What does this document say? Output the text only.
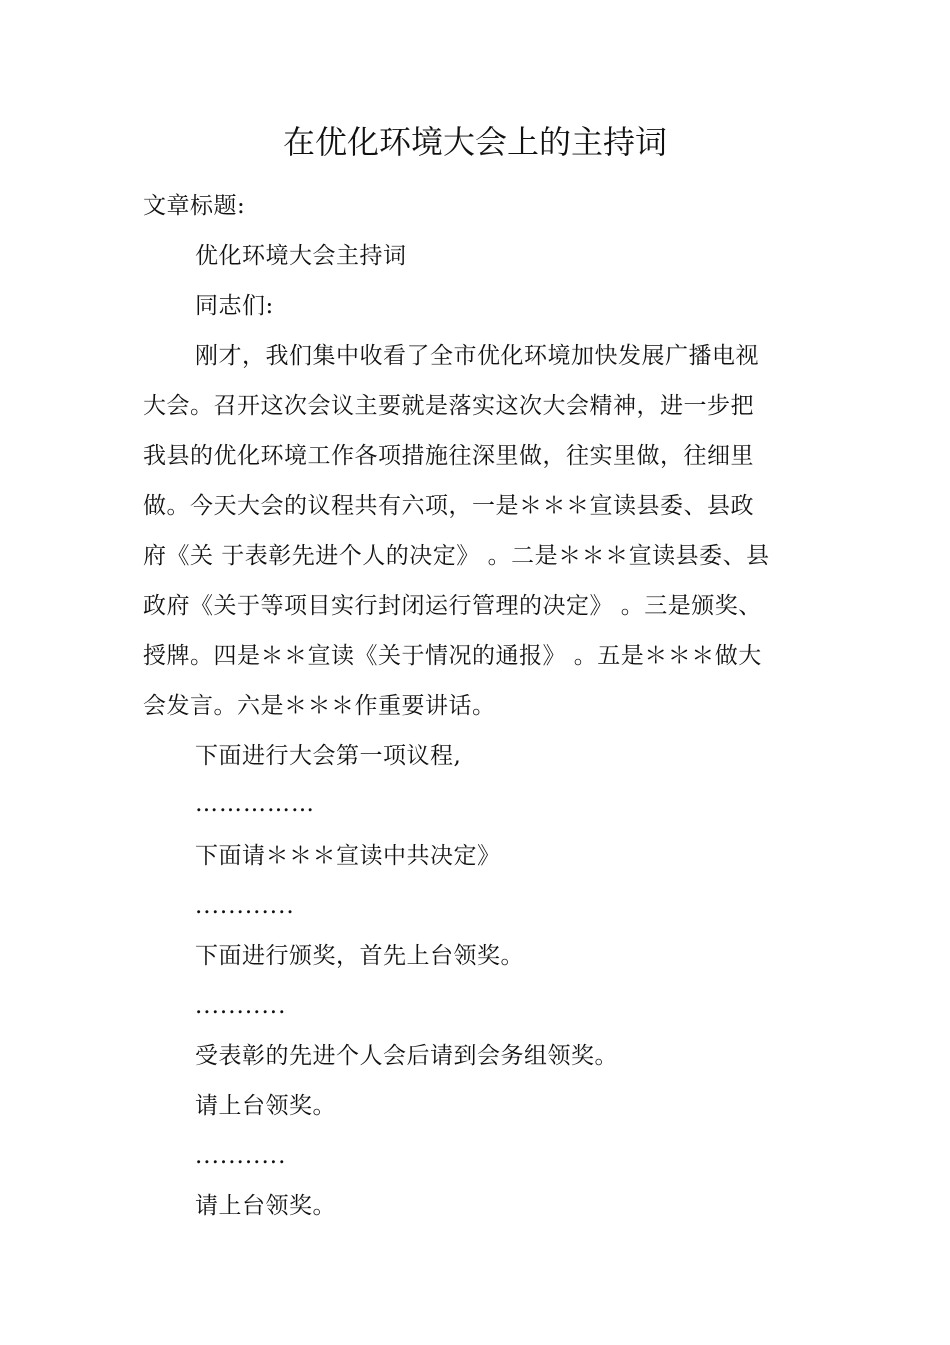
在优化环境大会上的主持词
文章标题:
优化环境大会主持词
同志们:
刚才，我们集中收看了全市优化环境加快发展广播电视
大会。召开这次会议主要就是落实这次大会精神，进一步把
我县的优化环境工作各项措施往深里做，往实里做，往细里
做。今天大会的议程共有六项，一是＊＊＊宣读县委、县政
府《关 于表彰先进个人的决定》 。二是＊＊＊宣读县委、县
政府《关于等项目实行封闭运行管理的决定》 。三是颁奖、
授牌。四是＊＊宣读《关于情况的通报》 。五是＊＊＊做大
会发言。六是＊＊＊作重要讲话。
下面进行大会第一项议程,
……………
下面请＊＊＊宣读中共决定》
............
下面进行颁奖，首先上台领奖。
...........
受表彰的先进个人会后请到会务组领奖。
请上台领奖。
...........
请上台领奖。
